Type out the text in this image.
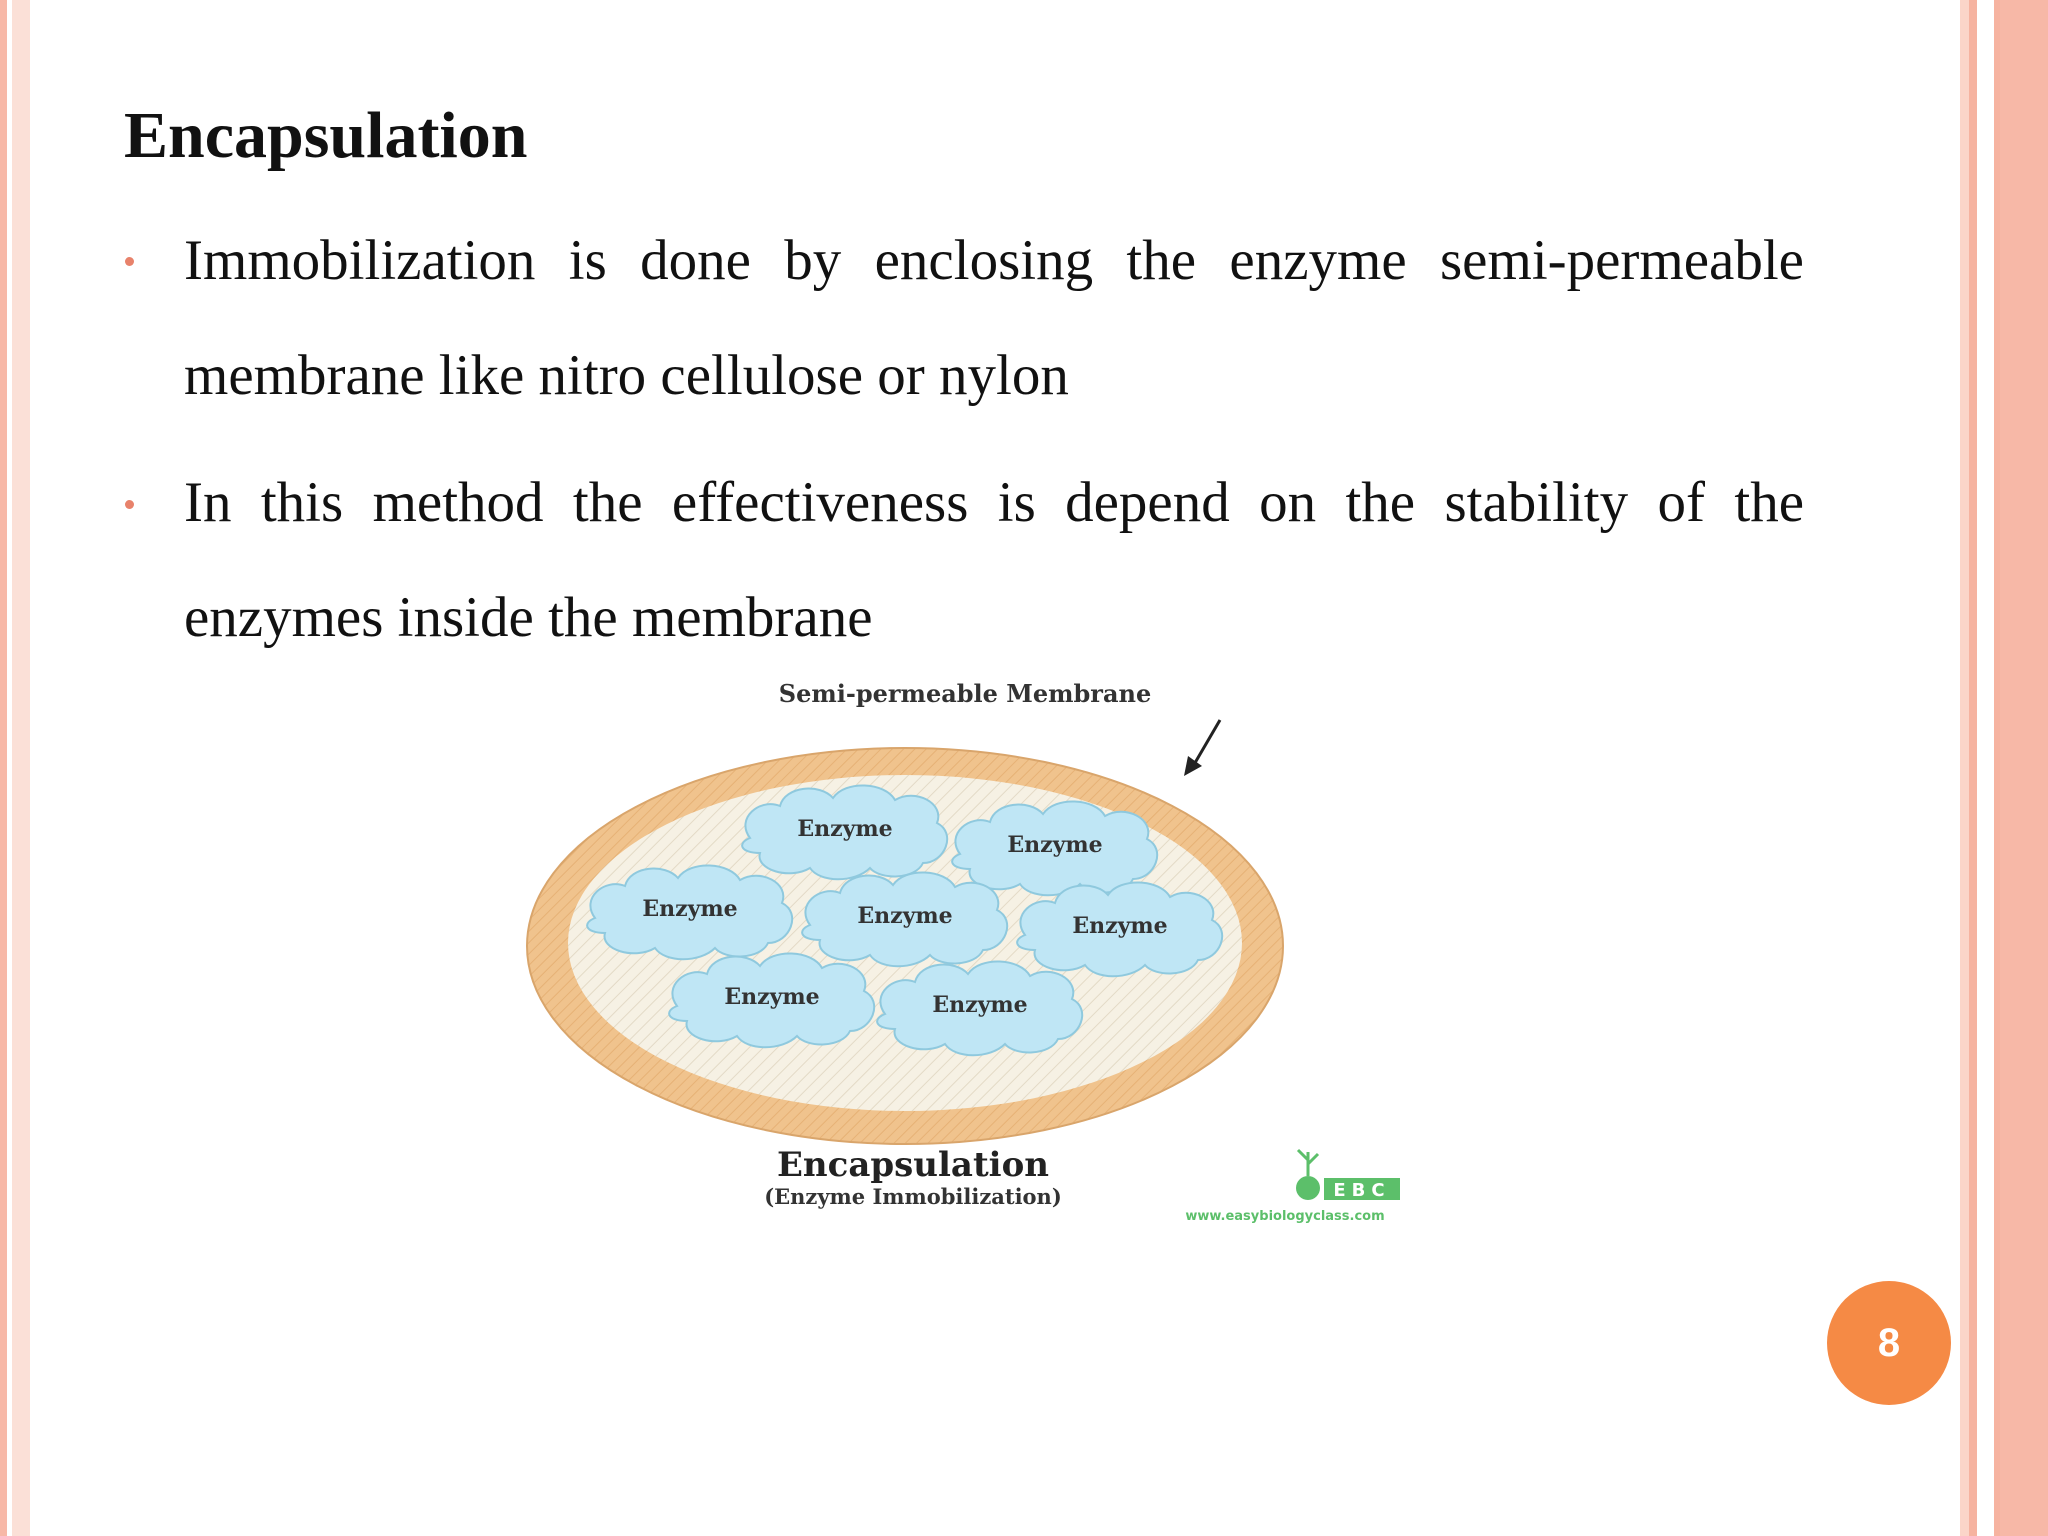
Encapsulation
Immobilization is done by enclosing the enzyme semi-permeable membrane like nitro cellulose or nylon
In this method the effectiveness is depend on the stability of the enzymes inside the membrane
Semi-permeable Membrane
Enzyme
Enzyme
Enzyme	Enzyme	Enzyme
Enzyme	Enzyme
Encapsulation
(Enzyme Immobilization)	EBC
www.easybiologyclass.com
8
